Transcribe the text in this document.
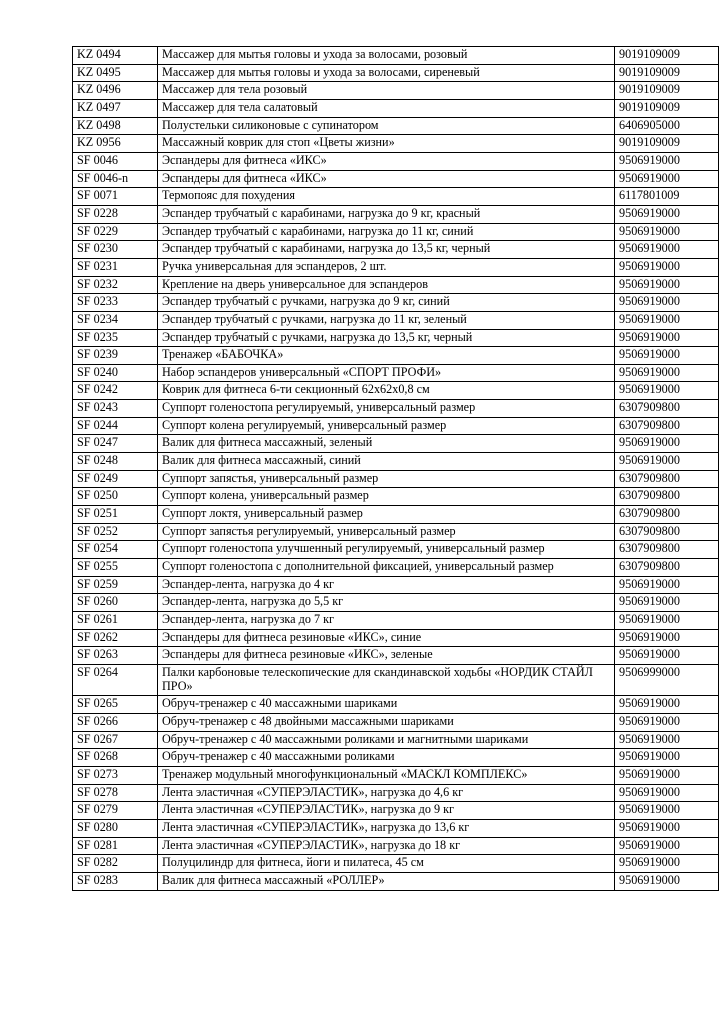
KZ 0494	Массажер для мытья головы и ухода за волосами, розовый	9019109009
KZ 0495	Массажер для мытья головы и ухода за волосами, сиреневый	9019109009
KZ 0496	Массажер для тела розовый	9019109009
KZ 0497	Массажер для тела салатовый	9019109009
KZ 0498	Полустельки силиконовые с супинатором	6406905000
KZ 0956	Массажный коврик для стоп «Цветы жизни»	9019109009
SF 0046	Эспандеры для фитнеса «ИКС»	9506919000
SF 0046-n	Эспандеры для фитнеса «ИКС»	9506919000
SF 0071	Термопояс для похудения	6117801009
SF 0228	Эспандер трубчатый с карабинами, нагрузка до 9 кг, красный	9506919000
SF 0229	Эспандер трубчатый с карабинами, нагрузка до 11 кг, синий	9506919000
SF 0230	Эспандер трубчатый с карабинами, нагрузка до 13,5 кг, черный	9506919000
SF 0231	Ручка универсальная для эспандеров, 2 шт.	9506919000
SF 0232	Крепление на дверь универсальное для эспандеров	9506919000
SF 0233	Эспандер трубчатый с ручками, нагрузка до 9 кг, синий	9506919000
SF 0234	Эспандер трубчатый с ручками, нагрузка до 11 кг, зеленый	9506919000
SF 0235	Эспандер трубчатый с ручками, нагрузка до 13,5 кг, черный	9506919000
SF 0239	Тренажер «БАБОЧКА»	9506919000
SF 0240	Набор эспандеров универсальный «СПОРТ ПРОФИ»	9506919000
SF 0242	Коврик для фитнеса 6-ти секционный 62х62х0,8 см	9506919000
SF 0243	Суппорт голеностопа регулируемый, универсальный размер	6307909800
SF 0244	Суппорт колена регулируемый, универсальный размер	6307909800
SF 0247	Валик для фитнеса массажный, зеленый	9506919000
SF 0248	Валик для фитнеса массажный, синий	9506919000
SF 0249	Суппорт запястья, универсальный размер	6307909800
SF 0250	Суппорт колена, универсальный размер	6307909800
SF 0251	Суппорт локтя, универсальный размер	6307909800
SF 0252	Суппорт запястья регулируемый, универсальный размер	6307909800
SF 0254	Суппорт голеностопа улучшенный регулируемый, универсальный размер	6307909800
SF 0255	Суппорт голеностопа с дополнительной фиксацией, универсальный размер	6307909800
SF 0259	Эспандер-лента, нагрузка до 4 кг	9506919000
SF 0260	Эспандер-лента, нагрузка до 5,5 кг	9506919000
SF 0261	Эспандер-лента, нагрузка до 7 кг	9506919000
SF 0262	Эспандеры для фитнеса резиновые «ИКС», синие	9506919000
SF 0263	Эспандеры для фитнеса резиновые «ИКС», зеленые	9506919000
SF 0264	Палки карбоновые телескопические для скандинавской ходьбы «НОРДИК СТАЙЛ ПРО»	9506999000
SF 0265	Обруч-тренажер с 40 массажными шариками	9506919000
SF 0266	Обруч-тренажер с 48 двойными массажными шариками	9506919000
SF 0267	Обруч-тренажер с 40 массажными роликами и магнитными шариками	9506919000
SF 0268	Обруч-тренажер с 40 массажными роликами	9506919000
SF 0273	Тренажер модульный многофункциональный «МАСКЛ КОМПЛЕКС»	9506919000
SF 0278	Лента эластичная «СУПЕРЭЛАСТИК», нагрузка до 4,6 кг	9506919000
SF 0279	Лента эластичная «СУПЕРЭЛАСТИК», нагрузка до 9 кг	9506919000
SF 0280	Лента эластичная «СУПЕРЭЛАСТИК», нагрузка до 13,6 кг	9506919000
SF 0281	Лента эластичная «СУПЕРЭЛАСТИК», нагрузка до 18 кг	9506919000
SF 0282	Полуцилиндр для фитнеса, йоги и пилатеса, 45 см	9506919000
SF 0283	Валик для фитнеса массажный «РОЛЛЕР»	9506919000
